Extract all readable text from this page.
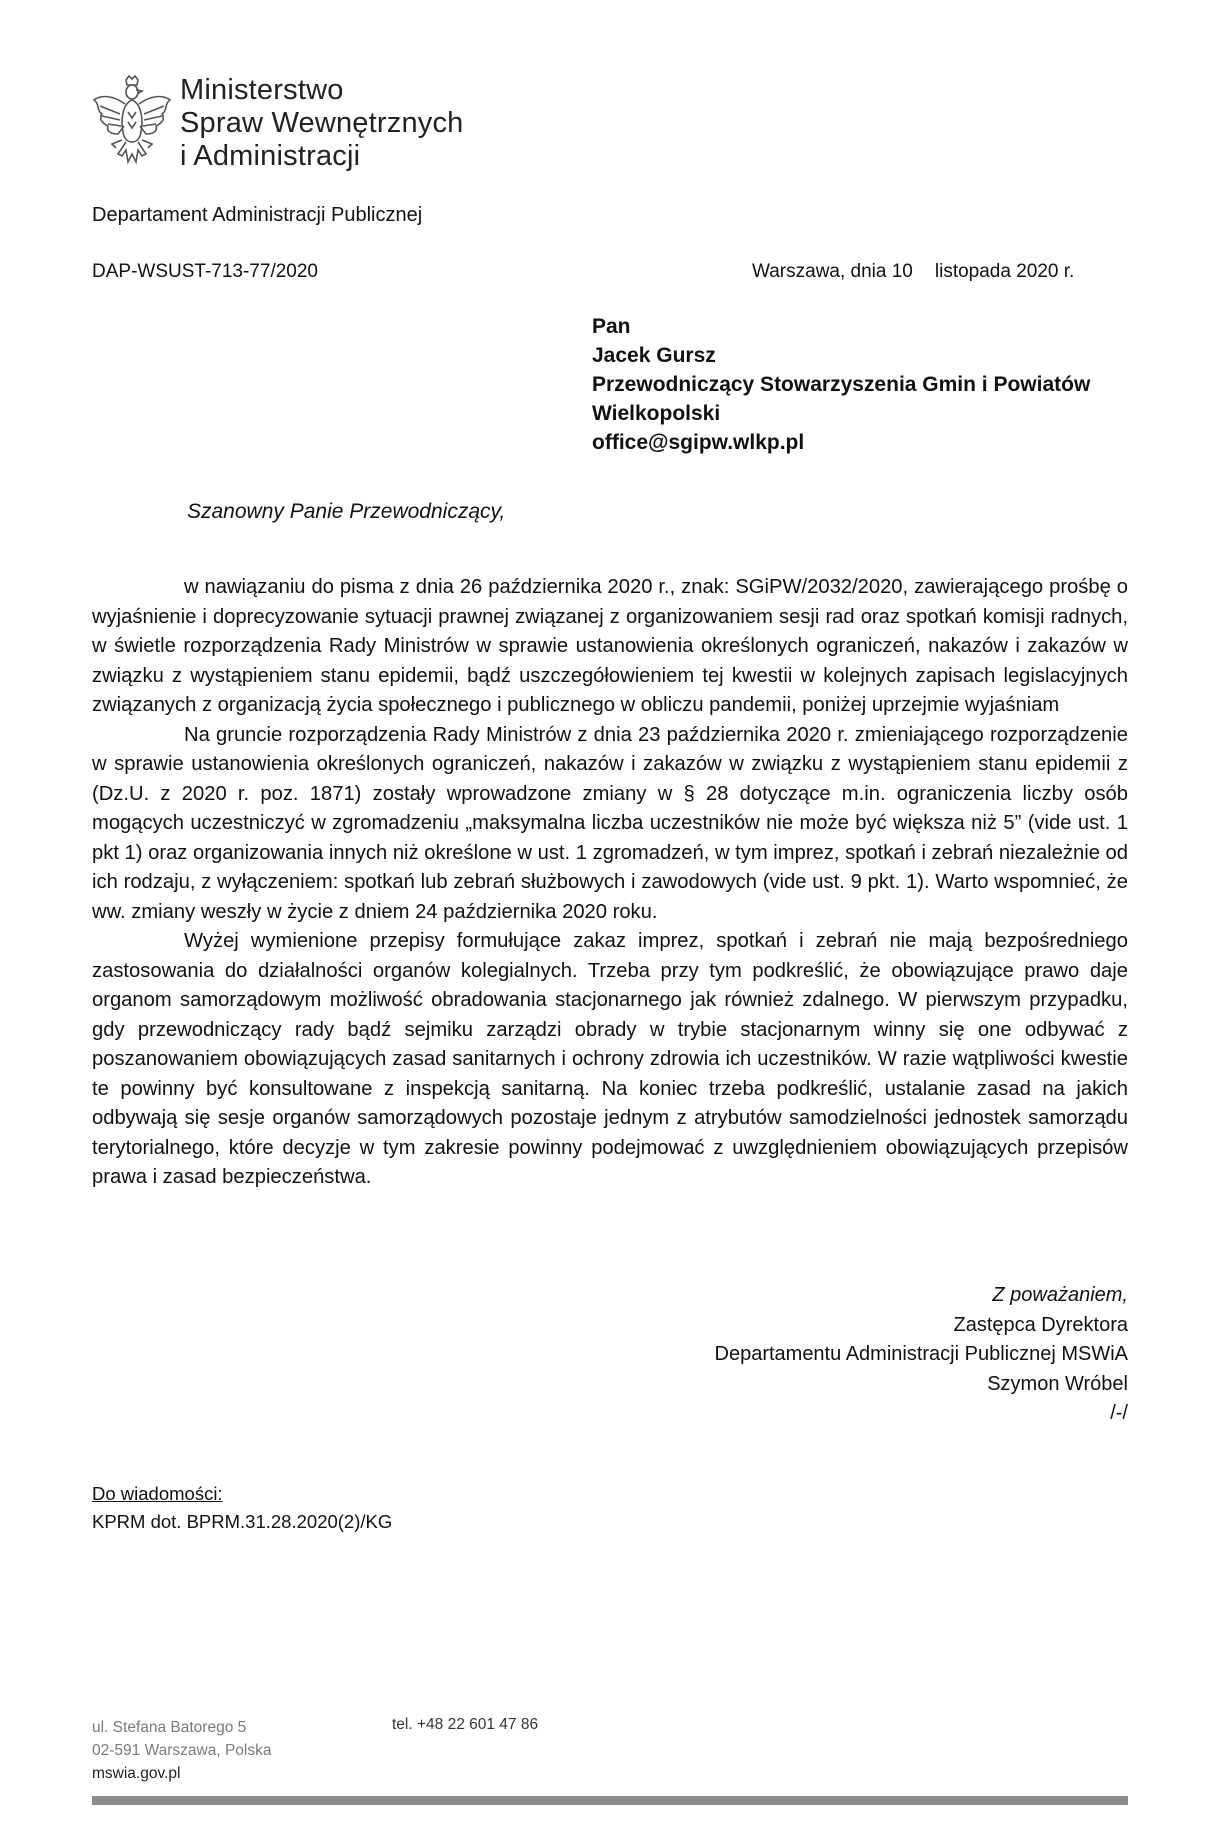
Ministerstwo
Spraw Wewnętrznych
i Administracji
Departament Administracji Publicznej
DAP-WSUST-713-77/2020	Warszawa, dnia 10 listopada 2020 r.
Pan
Jacek Gursz
Przewodniczący Stowarzyszenia Gmin i Powiatów
Wielkopolski
office@sgipw.wlkp.pl
Szanowny Panie Przewodniczący,

w nawiązaniu do pisma z dnia 26 października 2020 r., znak: SGiPW/2032/2020, zawierającego prośbę o wyjaśnienie i doprecyzowanie sytuacji prawnej związanej z organizowaniem sesji rad oraz spotkań komisji radnych, w świetle rozporządzenia Rady Ministrów w sprawie ustanowienia określonych ograniczeń, nakazów i zakazów w związku z wystąpieniem stanu epidemii, bądź uszczegółowieniem tej kwestii w kolejnych zapisach legislacyjnych związanych z organizacją życia społecznego i publicznego w obliczu pandemii, poniżej uprzejmie wyjaśniam

Na gruncie rozporządzenia Rady Ministrów z dnia 23 października 2020 r. zmieniającego rozporządzenie w sprawie ustanowienia określonych ograniczeń, nakazów i zakazów w związku z wystąpieniem stanu epidemii z (Dz.U. z 2020 r. poz. 1871) zostały wprowadzone zmiany w § 28 dotyczące m.in. ograniczenia liczby osób mogących uczestniczyć w zgromadzeniu „maksymalna liczba uczestników nie może być większa niż 5” (vide ust. 1 pkt 1) oraz organizowania innych niż określone w ust. 1 zgromadzeń, w tym imprez, spotkań i zebrań niezależnie od ich rodzaju, z wyłączeniem: spotkań lub zebrań służbowych i zawodowych (vide ust. 9 pkt. 1). Warto wspomnieć, że ww. zmiany weszły w życie z dniem 24 października 2020 roku.

Wyżej wymienione przepisy formułujące zakaz imprez, spotkań i zebrań nie mają bezpośredniego zastosowania do działalności organów kolegialnych. Trzeba przy tym podkreślić, że obowiązujące prawo daje organom samorządowym możliwość obradowania stacjonarnego jak również zdalnego. W pierwszym przypadku, gdy przewodniczący rady bądź sejmiku zarządzi obrady w trybie stacjonarnym winny się one odbywać z poszanowaniem obowiązujących zasad sanitarnych i ochrony zdrowia ich uczestników. W razie wątpliwości kwestie te powinny być konsultowane z inspekcją sanitarną. Na koniec trzeba podkreślić, ustalanie zasad na jakich odbywają się sesje organów samorządowych pozostaje jednym z atrybutów samodzielności jednostek samorządu terytorialnego, które decyzje w tym zakresie powinny podejmować z uwzględnieniem obowiązujących przepisów prawa i zasad bezpieczeństwa.

Z poważaniem,
Zastępca Dyrektora
Departamentu Administracji Publicznej MSWiA
Szymon Wróbel
/-/
Do wiadomości:
KPRM dot. BPRM.31.28.2020(2)/KG
ul. Stefana Batorego 5
02-591 Warszawa, Polska
mswia.gov.pl
tel. +48 22 601 47 86
